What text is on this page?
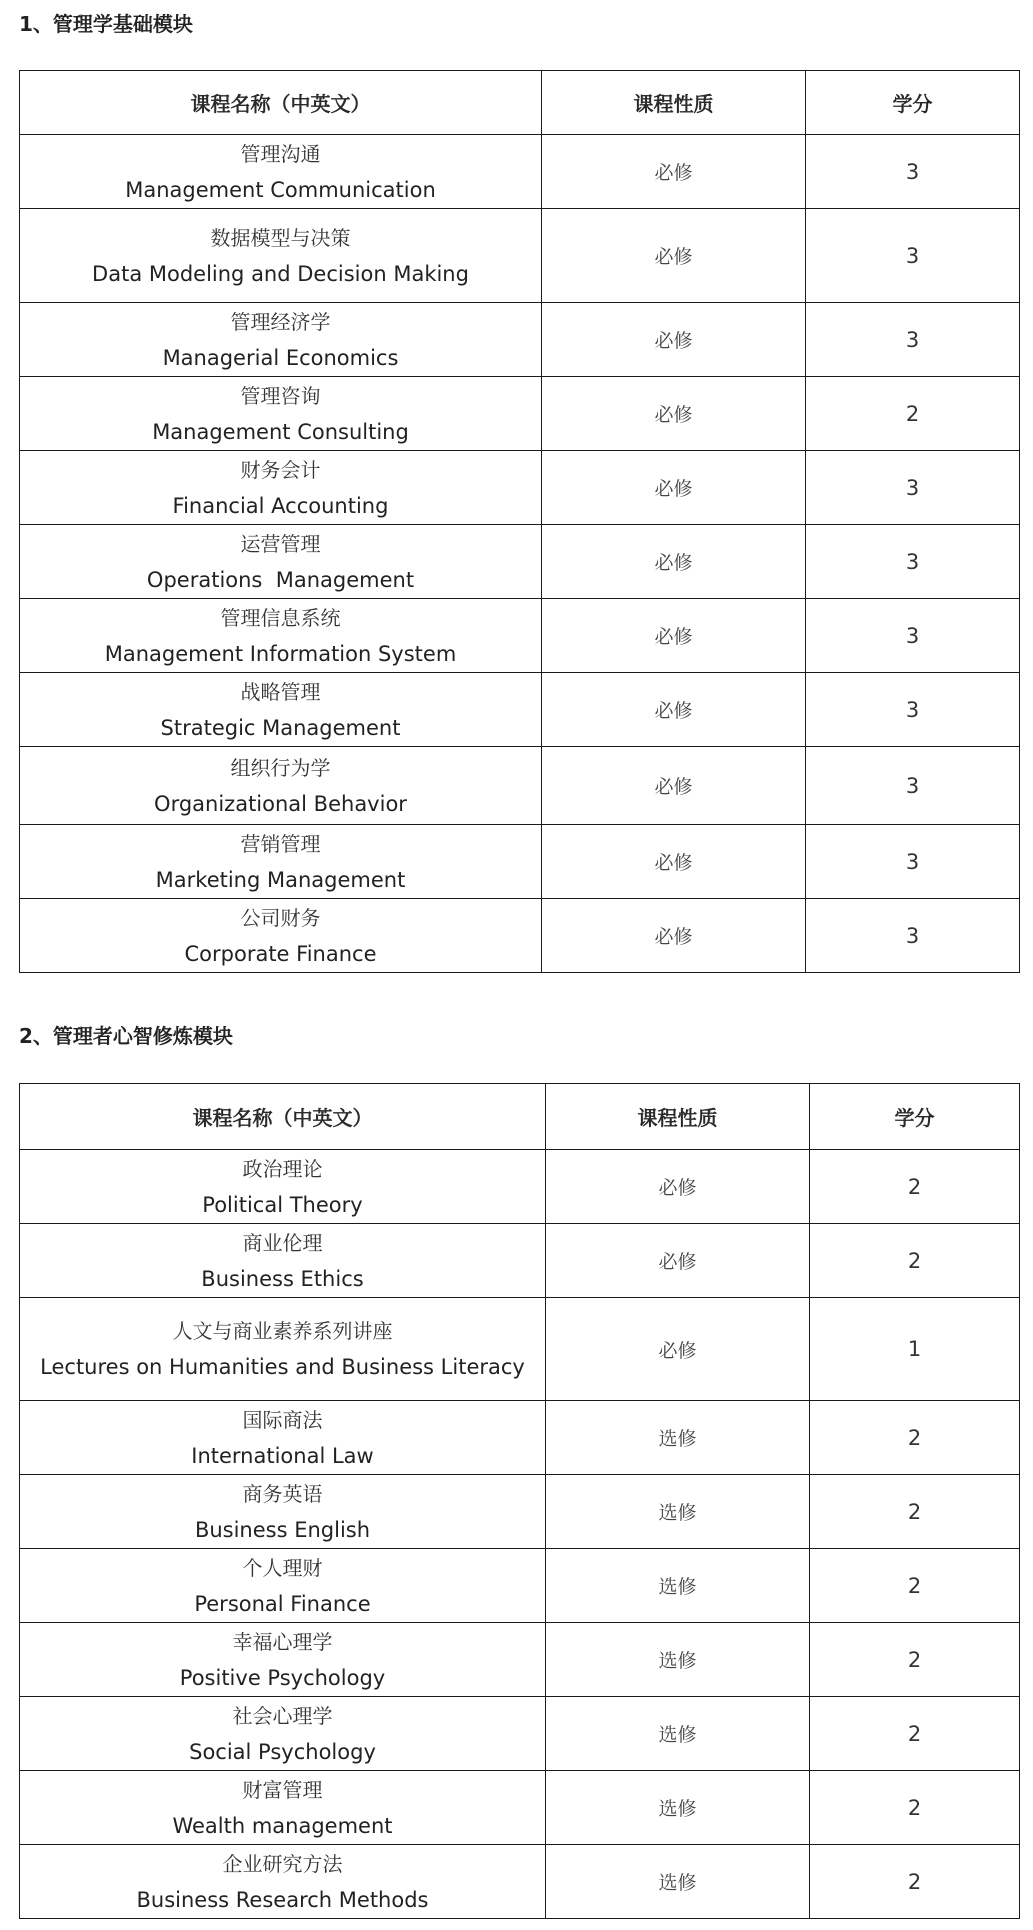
1、管理学基础模块
课程名称（中英文）	课程性质	学分

管理沟通
Management Communication	必修	3

数据模型与决策
Data Modeling and Decision Making	必修	3

管理经济学
Managerial Economics	必修	3

管理咨询
Management Consulting	必修	2

财务会计
Financial Accounting	必修	3

运营管理
Operations  Management	必修	3

管理信息系统
Management Information System	必修	3

战略管理
Strategic Management	必修	3

组织行为学
Organizational Behavior	必修	3

营销管理
Marketing Management	必修	3

公司财务
Corporate Finance	必修	3
2、管理者心智修炼模块
课程名称（中英文）	课程性质	学分

政治理论
Political Theory	必修	2

商业伦理
Business Ethics	必修	2

人文与商业素养系列讲座
Lectures on Humanities and Business Literacy	必修	1

国际商法
International Law	选修	2

商务英语
Business English	选修	2

个人理财
Personal Finance	选修	2

幸福心理学
Positive Psychology	选修	2

社会心理学
Social Psychology	选修	2

财富管理
Wealth management	选修	2

企业研究方法
Business Research Methods	选修	2
